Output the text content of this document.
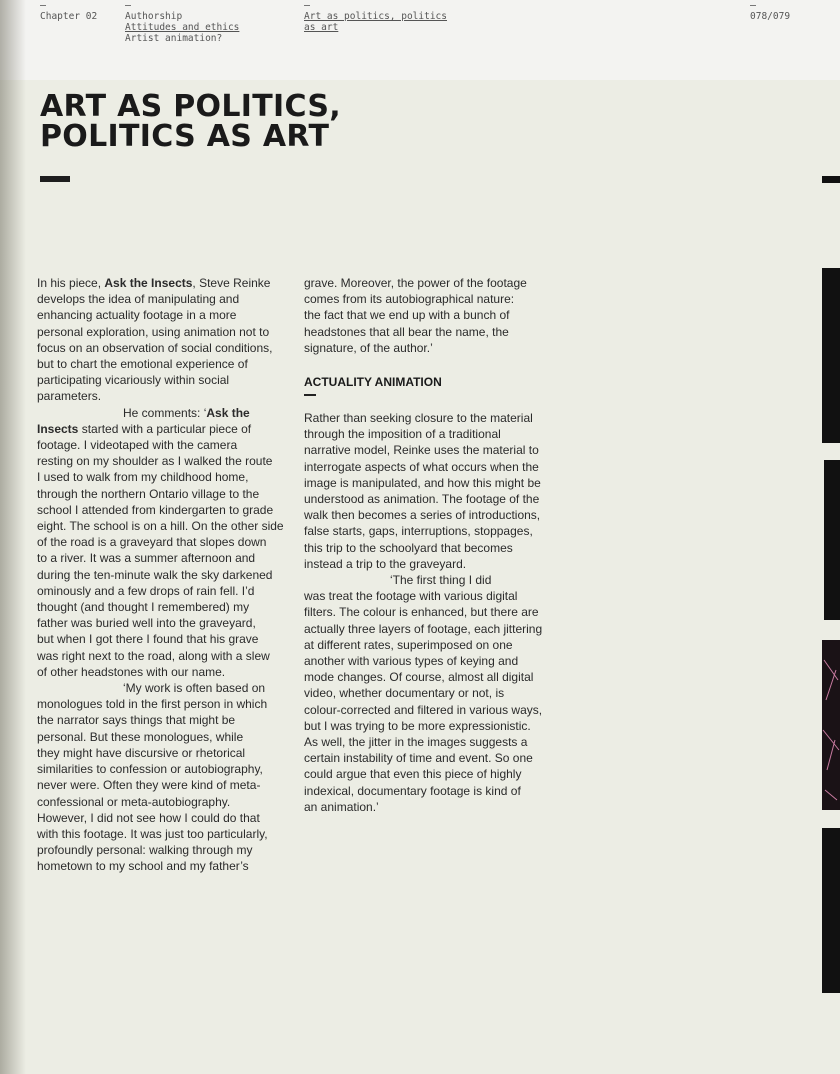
Chapter 02	Authorship
Attitudes and ethics
Artist animation?
Art as politics, politics
as art
078/079
ART AS POLITICS,
POLITICS AS ART

In his piece, Ask the Insects, Steve Reinke
develops the idea of manipulating and
enhancing actuality footage in a more
personal exploration, using animation not to
focus on an observation of social conditions,
but to chart the emotional experience of
participating vicariously within social
parameters.

He comments: ‘Ask the
Insects started with a particular piece of
footage. I videotaped with the camera
resting on my shoulder as I walked the route
I used to walk from my childhood home,
through the northern Ontario village to the
school I attended from kindergarten to grade
eight. The school is on a hill. On the other side
of the road is a graveyard that slopes down
to a river. It was a summer afternoon and
during the ten-minute walk the sky darkened
ominously and a few drops of rain fell. I’d
thought (and thought I remembered) my
father was buried well into the graveyard,
but when I got there I found that his grave
was right next to the road, along with a slew
of other headstones with our name.

‘My work is often based on
monologues told in the first person in which
the narrator says things that might be
personal. But these monologues, while
they might have discursive or rhetorical
similarities to confession or autobiography,
never were. Often they were kind of meta-
confessional or meta-autobiography.
However, I did not see how I could do that
with this footage. It was just too particularly,
profoundly personal: walking through my
hometown to my school and my father’s

grave. Moreover, the power of the footage
comes from its autobiographical nature:
the fact that we end up with a bunch of
headstones that all bear the name, the
signature, of the author.’

ACTUALITY ANIMATION

Rather than seeking closure to the material
through the imposition of a traditional
narrative model, Reinke uses the material to
interrogate aspects of what occurs when the
image is manipulated, and how this might be
understood as animation. The footage of the
walk then becomes a series of introductions,
false starts, gaps, interruptions, stoppages,
this trip to the schoolyard that becomes
instead a trip to the graveyard.

‘The first thing I did
was treat the footage with various digital
filters. The colour is enhanced, but there are
actually three layers of footage, each jittering
at different rates, superimposed on one
another with various types of keying and
mode changes. Of course, almost all digital
video, whether documentary or not, is
colour-corrected and filtered in various ways,
but I was trying to be more expressionistic.
As well, the jitter in the images suggests a
certain instability of time and event. So one
could argue that even this piece of highly
indexical, documentary footage is kind of
an animation.’
